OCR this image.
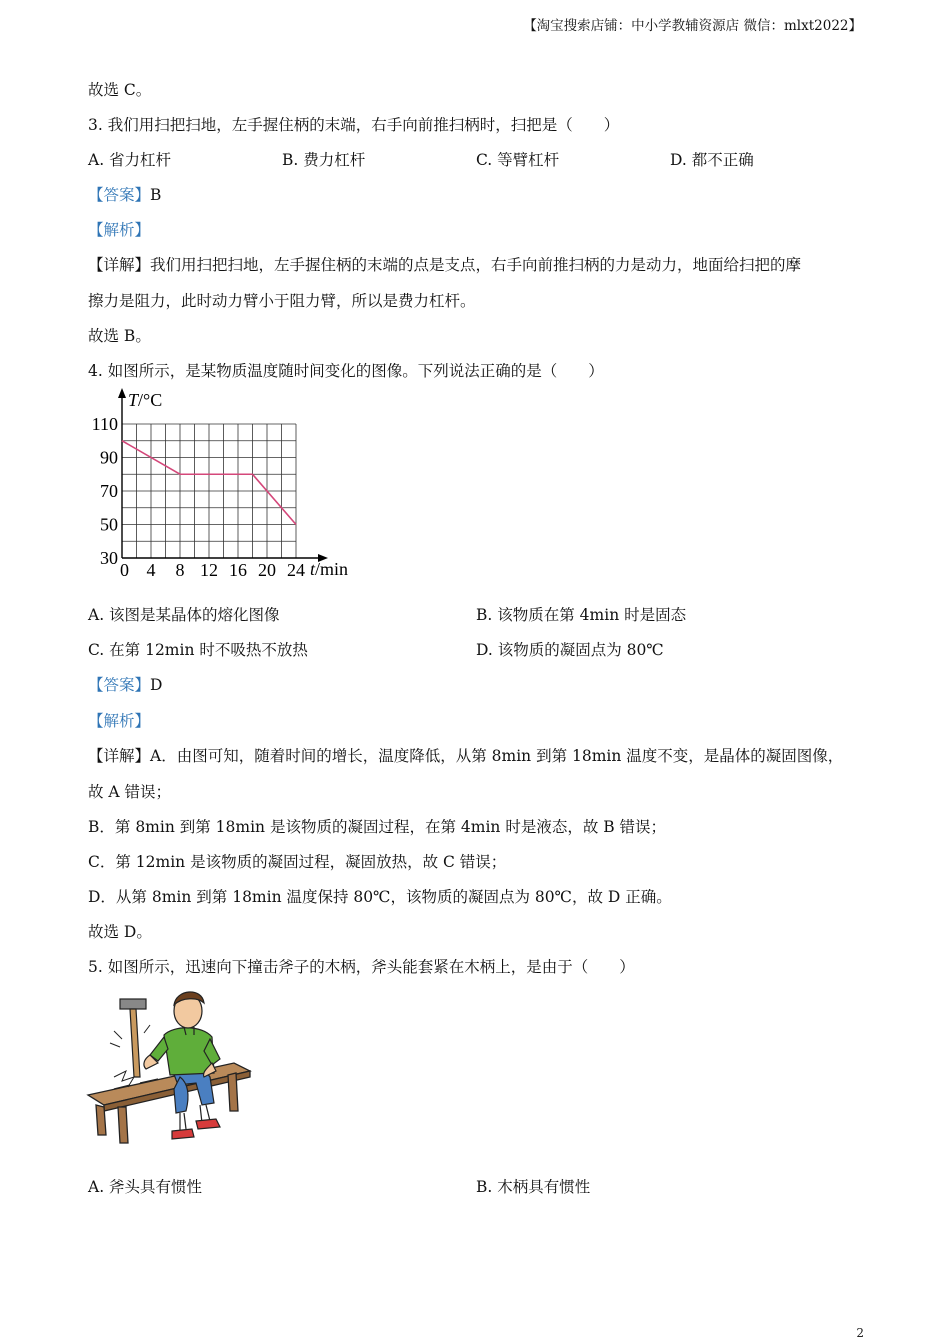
【淘宝搜索店铺：中小学教辅资源店 微信：mlxt2022】
故选 C。
3. 我们用扫把扫地，左手握住柄的末端，右手向前推扫柄时，扫把是（　　）
A. 省力杠杆	B. 费力杠杆	C. 等臂杠杆	D. 都不正确
【答案】B
【解析】
【详解】我们用扫把扫地，左手握住柄的末端的点是支点，右手向前推扫柄的力是动力，地面给扫把的摩
擦力是阻力，此时动力臂小于阻力臂，所以是费力杠杆。
故选 B。
4. 如图所示，是某物质温度随时间变化的图像。下列说法正确的是（　　）
30
50
70
90
110
0 4 8 12 16 20 24
T/°C
t/min
A. 该图是某晶体的熔化图像	B. 该物质在第 4min 时是固态
C. 在第 12min 时不吸热不放热	D. 该物质的凝固点为 80℃
【答案】D
【解析】
【详解】A．由图可知，随着时间的增长，温度降低，从第 8min 到第 18min 温度不变，是晶体的凝固图像，
故 A 错误；
B．第 8min 到第 18min 是该物质的凝固过程，在第 4min 时是液态，故 B 错误；
C．第 12min 是该物质的凝固过程，凝固放热，故 C 错误；
D．从第 8min 到第 18min 温度保持 80℃，该物质的凝固点为 80℃，故 D 正确。
故选 D。
5. 如图所示，迅速向下撞击斧子的木柄，斧头能套紧在木柄上，是由于（　　）
A. 斧头具有惯性	B. 木柄具有惯性
2
